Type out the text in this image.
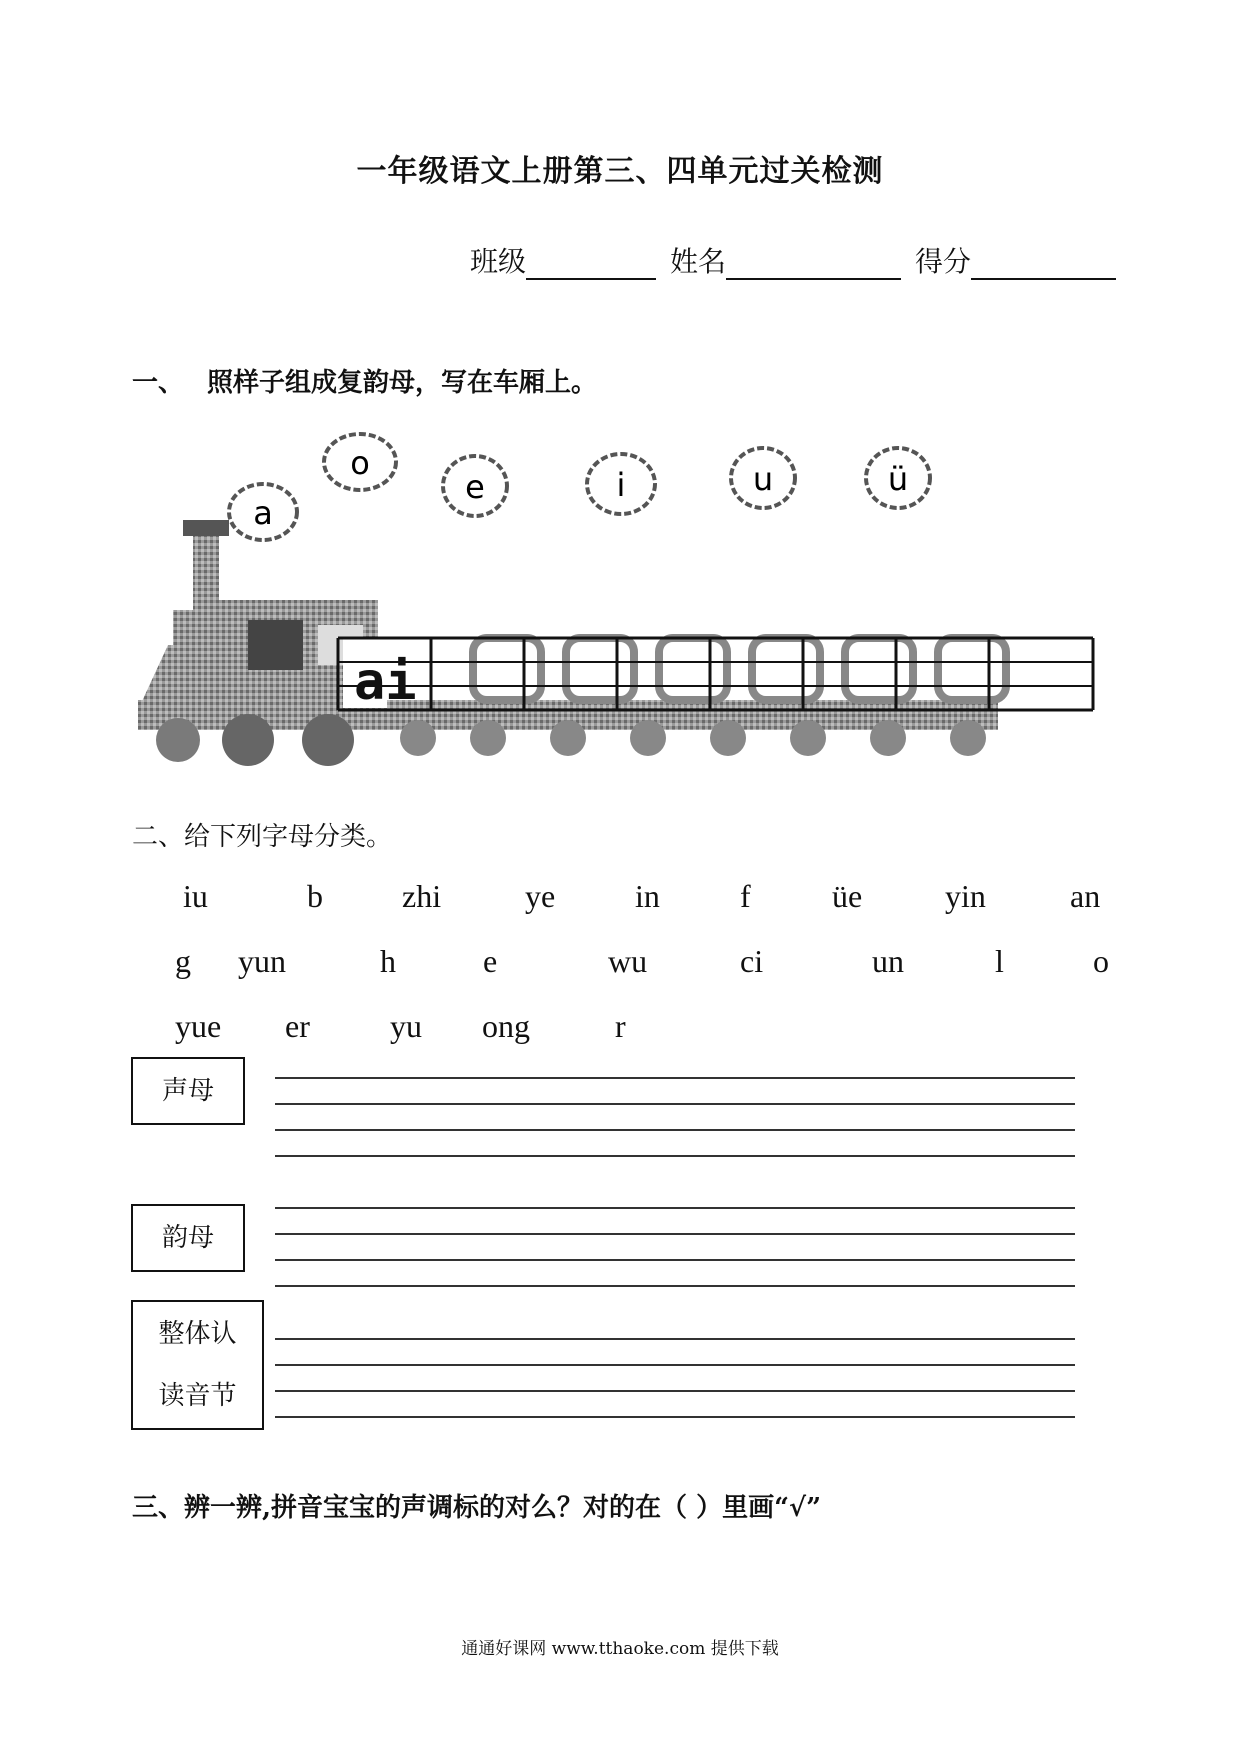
一年级语文上册第三、四单元过关检测
班级	姓名	得分
一、 照样子组成复韵母，写在车厢上。
a
o
e	i	u	ü
ai
二、给下列字母分类。
iu	b zhi	ye in	f	üe	yin	an
g yun	h	e	wu	ci	un	l	o
yue er	yu ong	r
声母
韵母
整体认
读音节
三、辨一辨,拼音宝宝的声调标的对么？对的在（ ）里画“√”
通通好课网 www.tthaoke.com 提供下载
